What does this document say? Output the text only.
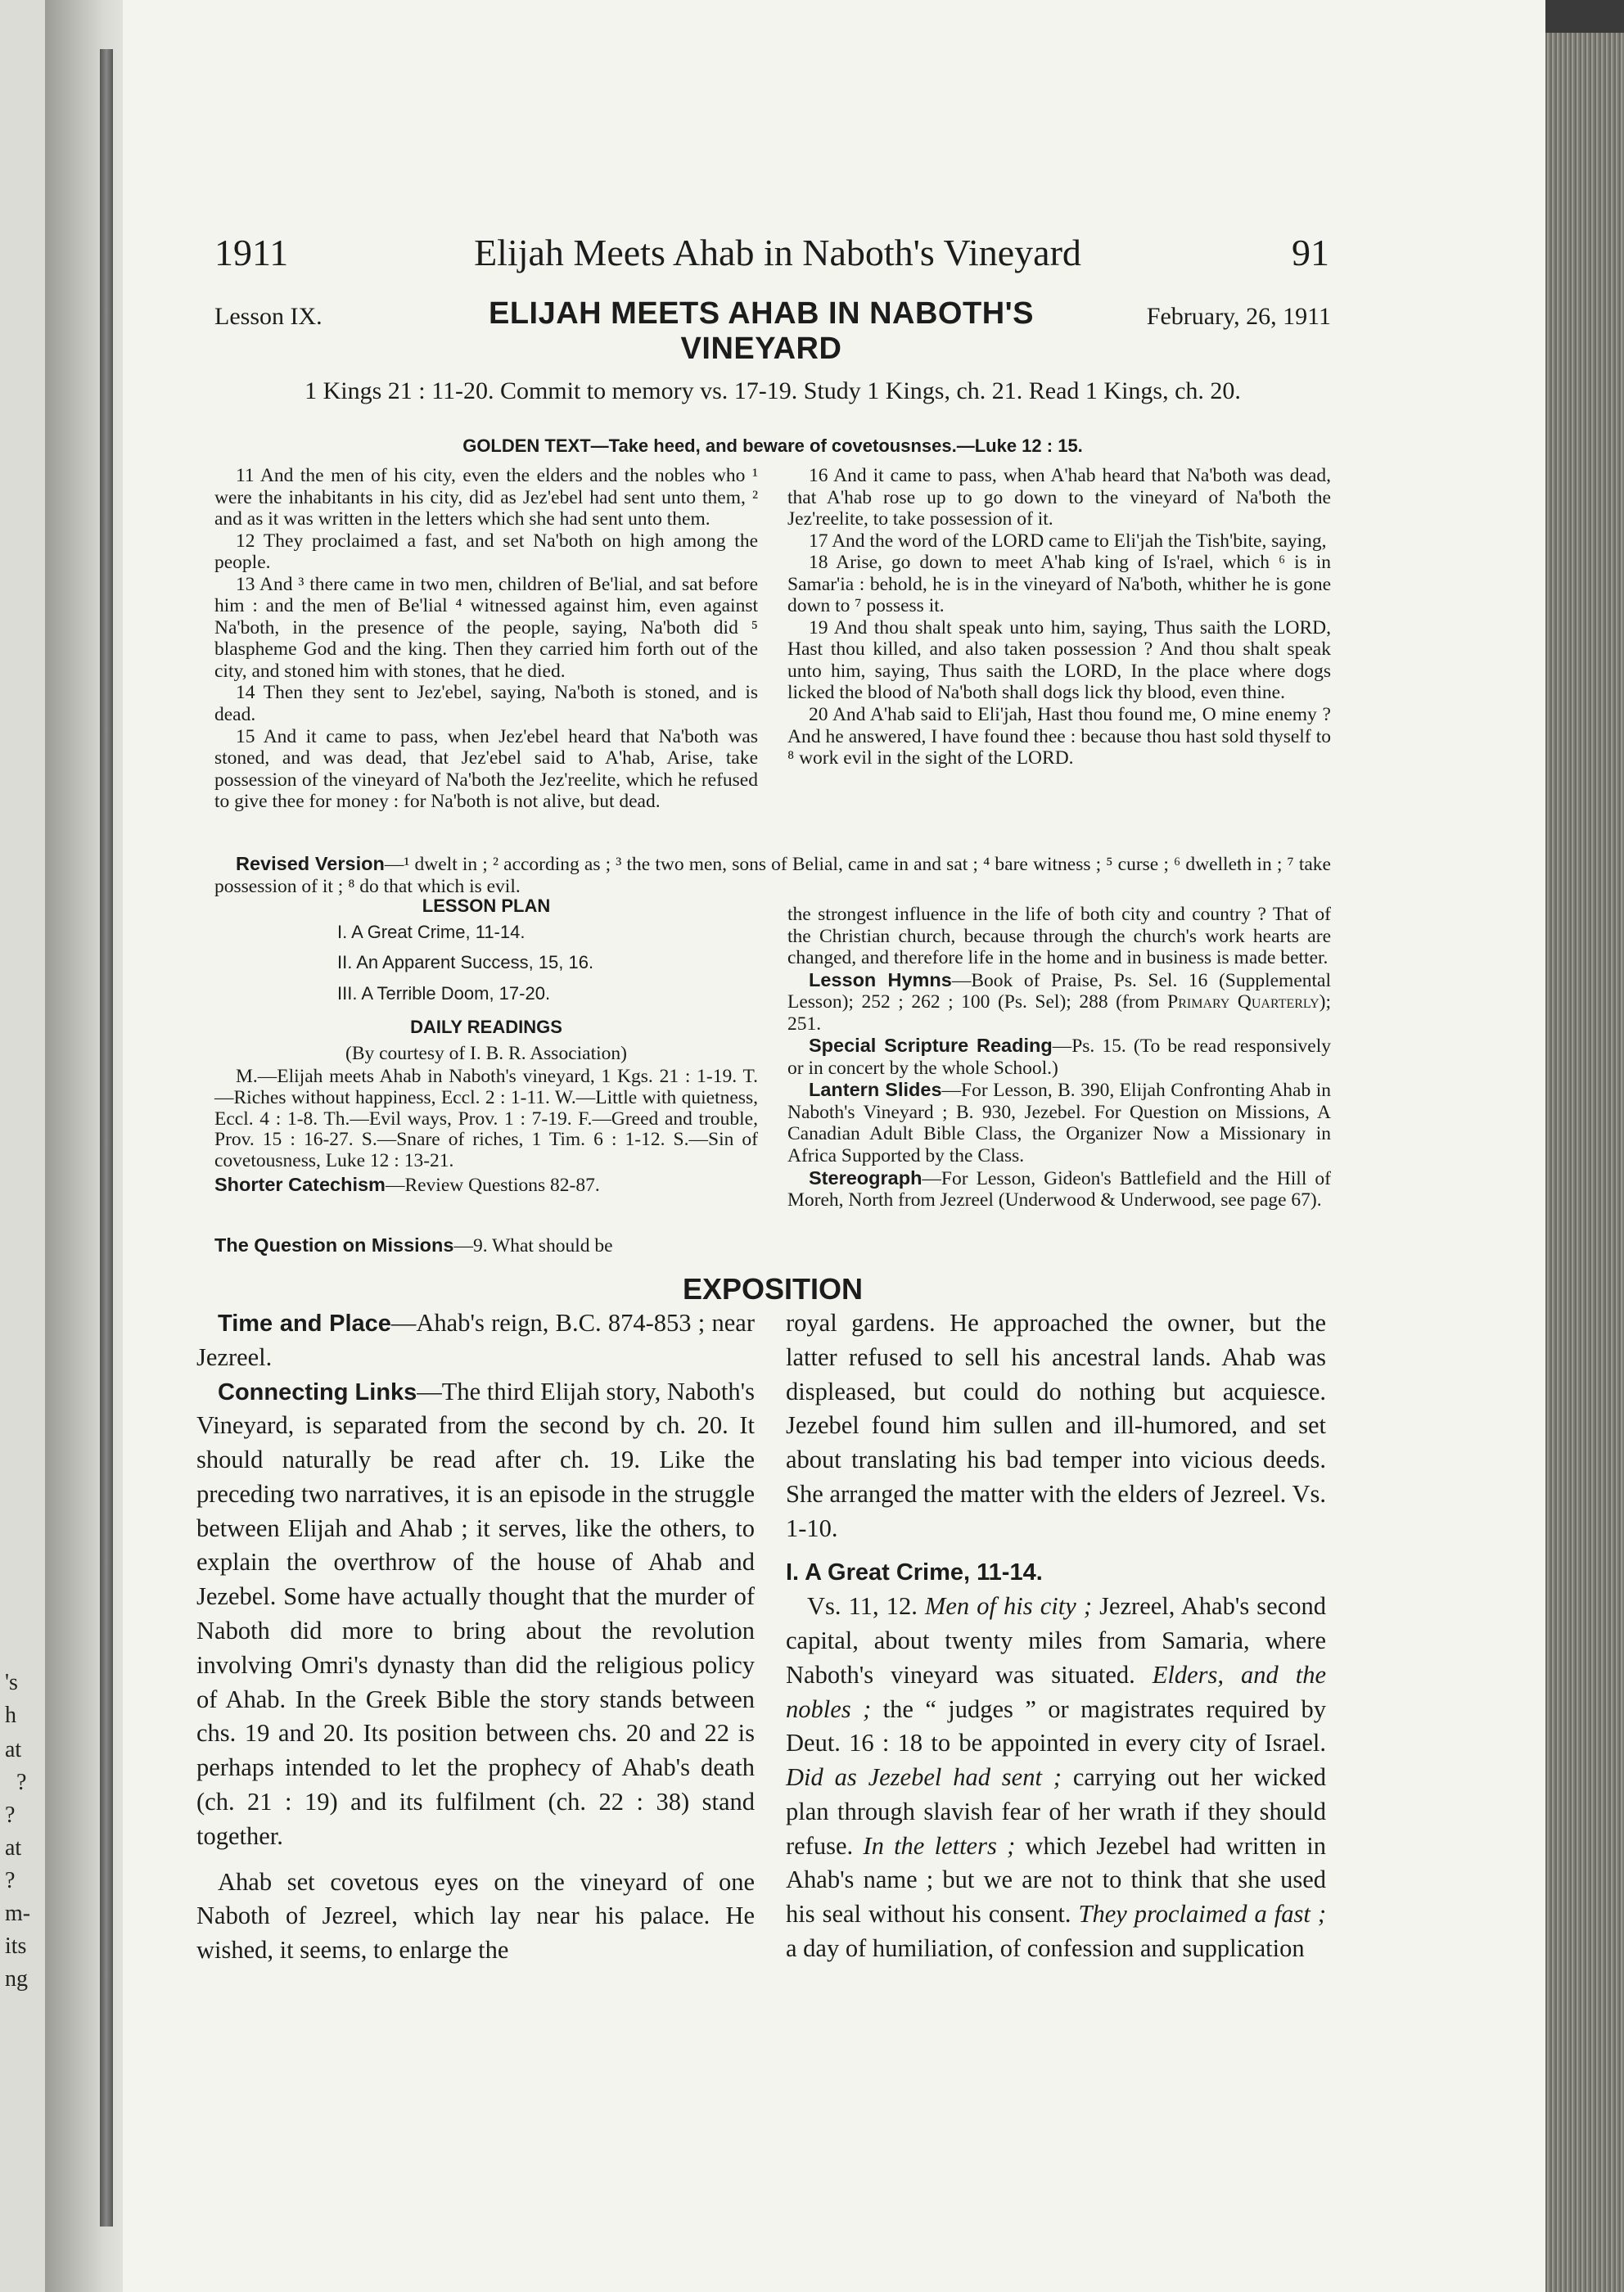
's
h
at
?
?
at
?
m-
its
ng
1911	Elijah Meets Ahab in Naboth's Vineyard	91
Lesson IX.	ELIJAH MEETS AHAB IN NABOTH'S VINEYARD
February, 26, 1911
1 Kings 21 : 11-20. Commit to memory vs. 17-19. Study 1 Kings, ch. 21. Read 1 Kings, ch. 20.
GOLDEN TEXT—Take heed, and beware of covetousnses.—Luke 12 : 15.

11 And the men of his city, even the elders and the nobles who ¹ were the inhabitants in his city, did as Jez'ebel had sent unto them, ² and as it was written in the letters which she had sent unto them.

12 They proclaimed a fast, and set Na'both on high among the people.

13 And ³ there came in two men, children of Be'lial, and sat before him : and the men of Be'lial ⁴ witnessed against him, even against Na'both, in the presence of the people, saying, Na'both did ⁵ blaspheme God and the king. Then they carried him forth out of the city, and stoned him with stones, that he died.

14 Then they sent to Jez'ebel, saying, Na'both is stoned, and is dead.

15 And it came to pass, when Jez'ebel heard that Na'both was stoned, and was dead, that Jez'ebel said to A'hab, Arise, take possession of the vineyard of Na'both the Jez'reelite, which he refused to give thee for money : for Na'both is not alive, but dead.

16 And it came to pass, when A'hab heard that Na'both was dead, that A'hab rose up to go down to the vineyard of Na'both the Jez'reelite, to take possession of it.

17 And the word of the LORD came to Eli'jah the Tish'bite, saying,

18 Arise, go down to meet A'hab king of Is'rael, which ⁶ is in Samar'ia : behold, he is in the vineyard of Na'both, whither he is gone down to ⁷ possess it.

19 And thou shalt speak unto him, saying, Thus saith the LORD, Hast thou killed, and also taken possession ? And thou shalt speak unto him, saying, Thus saith the LORD, In the place where dogs licked the blood of Na'both shall dogs lick thy blood, even thine.

20 And A'hab said to Eli'jah, Hast thou found me, O mine enemy ? And he answered, I have found thee : because thou hast sold thyself to ⁸ work evil in the sight of the LORD.

Revised Version—¹ dwelt in ; ² according as ; ³ the two men, sons of Belial, came in and sat ; ⁴ bare witness ; ⁵ curse ; ⁶ dwelleth in ; ⁷ take possession of it ; ⁸ do that which is evil.
LESSON PLAN
I. A Great Crime, 11-14.
II. An Apparent Success, 15, 16.
III. A Terrible Doom, 17-20.
DAILY READINGS
(By courtesy of I. B. R. Association)
M.—Elijah meets Ahab in Naboth's vineyard, 1 Kgs. 21 : 1-19. T.—Riches without happiness, Eccl. 2 : 1-11. W.—Little with quietness, Eccl. 4 : 1-8. Th.—Evil ways, Prov. 1 : 7-19. F.—Greed and trouble, Prov. 15 : 16-27. S.—Snare of riches, 1 Tim. 6 : 1-12. S.—Sin of covetousness, Luke 12 : 13-21.
Shorter Catechism—Review Questions 82-87.

the strongest influence in the life of both city and country ? That of the Christian church, because through the church's work hearts are changed, and therefore life in the home and in business is made better.

Lesson Hymns—Book of Praise, Ps. Sel. 16 (Supplemental Lesson); 252 ; 262 ; 100 (Ps. Sel); 288 (from Primary Quarterly); 251.

Special Scripture Reading—Ps. 15. (To be read responsively or in concert by the whole School.)

Lantern Slides—For Lesson, B. 390, Elijah Confronting Ahab in Naboth's Vineyard ; B. 930, Jezebel. For Question on Missions, A Canadian Adult Bible Class, the Organizer Now a Missionary in Africa Supported by the Class.

Stereograph—For Lesson, Gideon's Battlefield and the Hill of Moreh, North from Jezreel (Underwood & Underwood, see page 67).

The Question on Missions—9. What should be
EXPOSITION

Time and Place—Ahab's reign, B.C. 874-853 ; near Jezreel.

Connecting Links—The third Elijah story, Naboth's Vineyard, is separated from the second by ch. 20. It should naturally be read after ch. 19. Like the preceding two narratives, it is an episode in the struggle between Elijah and Ahab ; it serves, like the others, to explain the overthrow of the house of Ahab and Jezebel. Some have actually thought that the murder of Naboth did more to bring about the revolution involving Omri's dynasty than did the religious policy of Ahab. In the Greek Bible the story stands between chs. 19 and 20. Its position between chs. 20 and 22 is perhaps intended to let the prophecy of Ahab's death (ch. 21 : 19) and its fulfilment (ch. 22 : 38) stand together.

Ahab set covetous eyes on the vineyard of one Naboth of Jezreel, which lay near his palace. He wished, it seems, to enlarge the

royal gardens. He approached the owner, but the latter refused to sell his ancestral lands. Ahab was displeased, but could do nothing but acquiesce. Jezebel found him sullen and ill-humored, and set about translating his bad temper into vicious deeds. She arranged the matter with the elders of Jezreel. Vs. 1-10.

I. A Great Crime, 11-14.

Vs. 11, 12. Men of his city ; Jezreel, Ahab's second capital, about twenty miles from Samaria, where Naboth's vineyard was situated. Elders, and the nobles ; the “ judges ” or magistrates required by Deut. 16 : 18 to be appointed in every city of Israel. Did as Jezebel had sent ; carrying out her wicked plan through slavish fear of her wrath if they should refuse. In the letters ; which Jezebel had written in Ahab's name ; but we are not to think that she used his seal without his consent. They proclaimed a fast ; a day of humiliation, of confession and supplication
